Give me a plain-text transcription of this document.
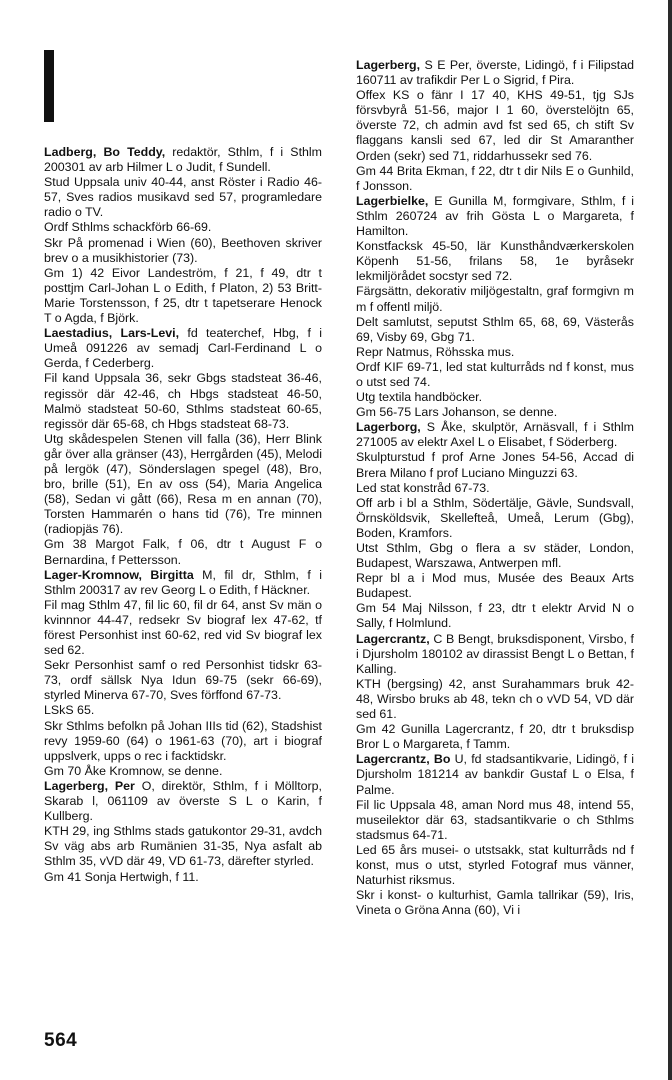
Ladberg, Bo Teddy, redaktör, Sthlm, f i Sthlm 200301 av arb Hilmer L o Judit, f Sundell.

Stud Uppsala univ 40-44, anst Röster i Radio 46-57, Sves radios musikavd sed 57, programledare radio o TV.

Ordf Sthlms schackförb 66-69.

Skr På promenad i Wien (60), Beethoven skriver brev o a musikhistorier (73).

Gm 1) 42 Eivor Landeström, f 21, f 49, dtr t posttjm Carl-Johan L o Edith, f Platon, 2) 53 Britt-Marie Torstensson, f 25, dtr t tapetserare Henock T o Agda, f Björk.

Laestadius, Lars-Levi, fd teaterchef, Hbg, f i Umeå 091226 av semadj Carl-Ferdinand L o Gerda, f Cederberg.

Fil kand Uppsala 36, sekr Gbgs stadsteat 36-46, regissör där 42-46, ch Hbgs stadsteat 46-50, Malmö stadsteat 50-60, Sthlms stadsteat 60-65, regissör där 65-68, ch Hbgs stadsteat 68-73.

Utg skådespelen Stenen vill falla (36), Herr Blink går över alla gränser (43), Herrgården (45), Melodi på lergök (47), Sönderslagen spegel (48), Bro, bro, brille (51), En av oss (54), Maria Angelica (58), Sedan vi gått (66), Resa m en annan (70), Torsten Hammarén o hans tid (76), Tre minnen (radiopjäs 76).

Gm 38 Margot Falk, f 06, dtr t August F o Bernardina, f Pettersson.

Lager-Kromnow, Birgitta M, fil dr, Sthlm, f i Sthlm 200317 av rev Georg L o Edith, f Häckner.

Fil mag Sthlm 47, fil lic 60, fil dr 64, anst Sv män o kvinnnor 44-47, redsekr Sv biograf lex 47-62, tf förest Personhist inst 60-62, red vid Sv biograf lex sed 62.

Sekr Personhist samf o red Personhist tidskr 63-73, ordf sällsk Nya Idun 69-75 (sekr 66-69), styrled Minerva 67-70, Sves förffond 67-73.

LSkS 65.

Skr Sthlms befolkn på Johan IIIs tid (62), Stadshist revy 1959-60 (64) o 1961-63 (70), art i biograf uppslverk, upps o rec i facktidskr.

Gm 70 Åke Kromnow, se denne.

Lagerberg, Per O, direktör, Sthlm, f i Mölltorp, Skarab l, 061109 av överste S L o Karin, f Kullberg.

KTH 29, ing Sthlms stads gatukontor 29-31, avdch Sv väg abs arb Rumänien 31-35, Nya asfalt ab Sthlm 35, vVD där 49, VD 61-73, därefter styrled.

Gm 41 Sonja Hertwigh, f 11.

Lagerberg, S E Per, överste, Lidingö, f i Filipstad 160711 av trafikdir Per L o Sigrid, f Pira.

Offex KS o fänr I 17 40, KHS 49-51, tjg SJs försvbyrå 51-56, major I 1 60, överstelöjtn 65, överste 72, ch admin avd fst sed 65, ch stift Sv flaggans kansli sed 67, led dir St Amaranther Orden (sekr) sed 71, riddarhussekr sed 76.

Gm 44 Brita Ekman, f 22, dtr t dir Nils E o Gunhild, f Jonsson.

Lagerbielke, E Gunilla M, formgivare, Sthlm, f i Sthlm 260724 av frih Gösta L o Margareta, f Hamilton.

Konstfacksk 45-50, lär Kunsthåndværkerskolen Köpenh 51-56, frilans 58, 1e byråsekr lekmiljörådet socstyr sed 72.

Färgsättn, dekorativ miljögestaltn, graf formgivn m m f offentl miljö.

Delt samlutst, seputst Sthlm 65, 68, 69, Västerås 69, Visby 69, Gbg 71.

Repr Natmus, Röhsska mus.

Ordf KIF 69-71, led stat kulturråds nd f konst, mus o utst sed 74.

Utg textila handböcker.

Gm 56-75 Lars Johanson, se denne.

Lagerborg, S Åke, skulptör, Arnäsvall, f i Sthlm 271005 av elektr Axel L o Elisabet, f Söderberg.

Skulpturstud f prof Arne Jones 54-56, Accad di Brera Milano f prof Luciano Minguzzi 63.

Led stat konstråd 67-73.

Off arb i bl a Sthlm, Södertälje, Gävle, Sundsvall, Örnsköldsvik, Skellefteå, Umeå, Lerum (Gbg), Boden, Kramfors.

Utst Sthlm, Gbg o flera a sv städer, London, Budapest, Warszawa, Antwerpen mfl.

Repr bl a i Mod mus, Musée des Beaux Arts Budapest.

Gm 54 Maj Nilsson, f 23, dtr t elektr Arvid N o Sally, f Holmlund.

Lagercrantz, C B Bengt, bruksdisponent, Virsbo, f i Djursholm 180102 av dirassist Bengt L o Bettan, f Kalling.

KTH (bergsing) 42, anst Surahammars bruk 42-48, Wirsbo bruks ab 48, tekn ch o vVD 54, VD där sed 61.

Gm 42 Gunilla Lagercrantz, f 20, dtr t bruksdisp Bror L o Margareta, f Tamm.

Lagercrantz, Bo U, fd stadsantikvarie, Lidingö, f i Djursholm 181214 av bankdir Gustaf L o Elsa, f Palme.

Fil lic Uppsala 48, aman Nord mus 48, intend 55, museilektor där 63, stadsantikvarie o ch Sthlms stadsmus 64-71.

Led 65 års musei- o utstsakk, stat kulturråds nd f konst, mus o utst, styrled Fotograf mus vänner, Naturhist riksmus.

Skr i konst- o kulturhist, Gamla tallrikar (59), Iris, Vineta o Gröna Anna (60), Vi i

564
